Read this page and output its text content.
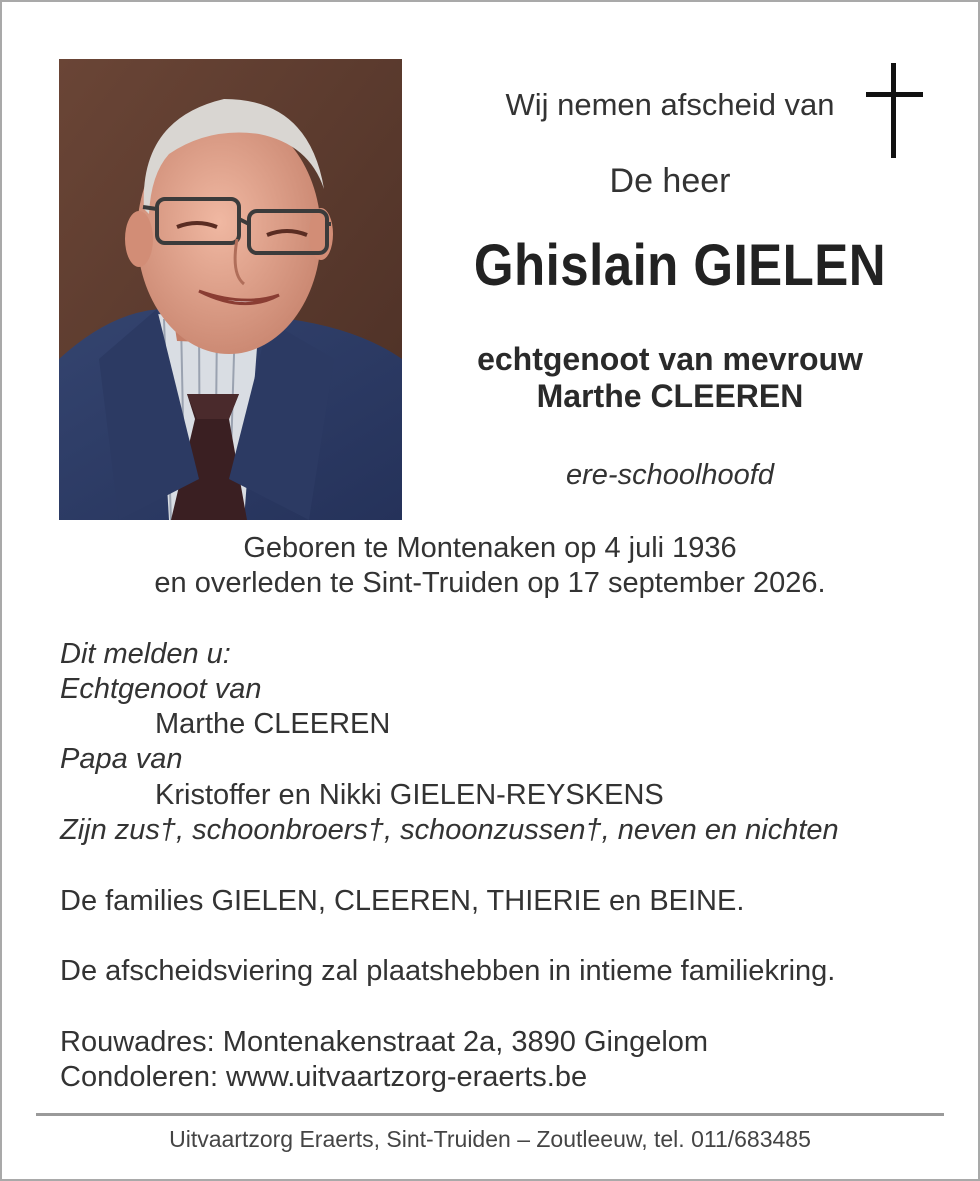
Wij nemen afscheid van
De heer
Ghislain GIELEN
echtgenoot van mevrouw
Marthe CLEEREN
ere-schoolhoofd
Geboren te Montenaken op 4 juli 1936
en overleden te Sint-Truiden op 17 september 2026.
Dit melden u:
Echtgenoot van
Marthe CLEEREN
Papa van
Kristoffer en Nikki GIELEN-REYSKENS
Zijn zus†, schoonbroers†, schoonzussen†, neven en nichten
De families GIELEN, CLEEREN, THIERIE en BEINE.
De afscheidsviering zal plaatshebben in intieme familiekring.
Rouwadres: Montenakenstraat 2a, 3890 Gingelom
Condoleren: www.uitvaartzorg-eraerts.be
Uitvaartzorg Eraerts, Sint-Truiden – Zoutleeuw, tel. 011/683485
